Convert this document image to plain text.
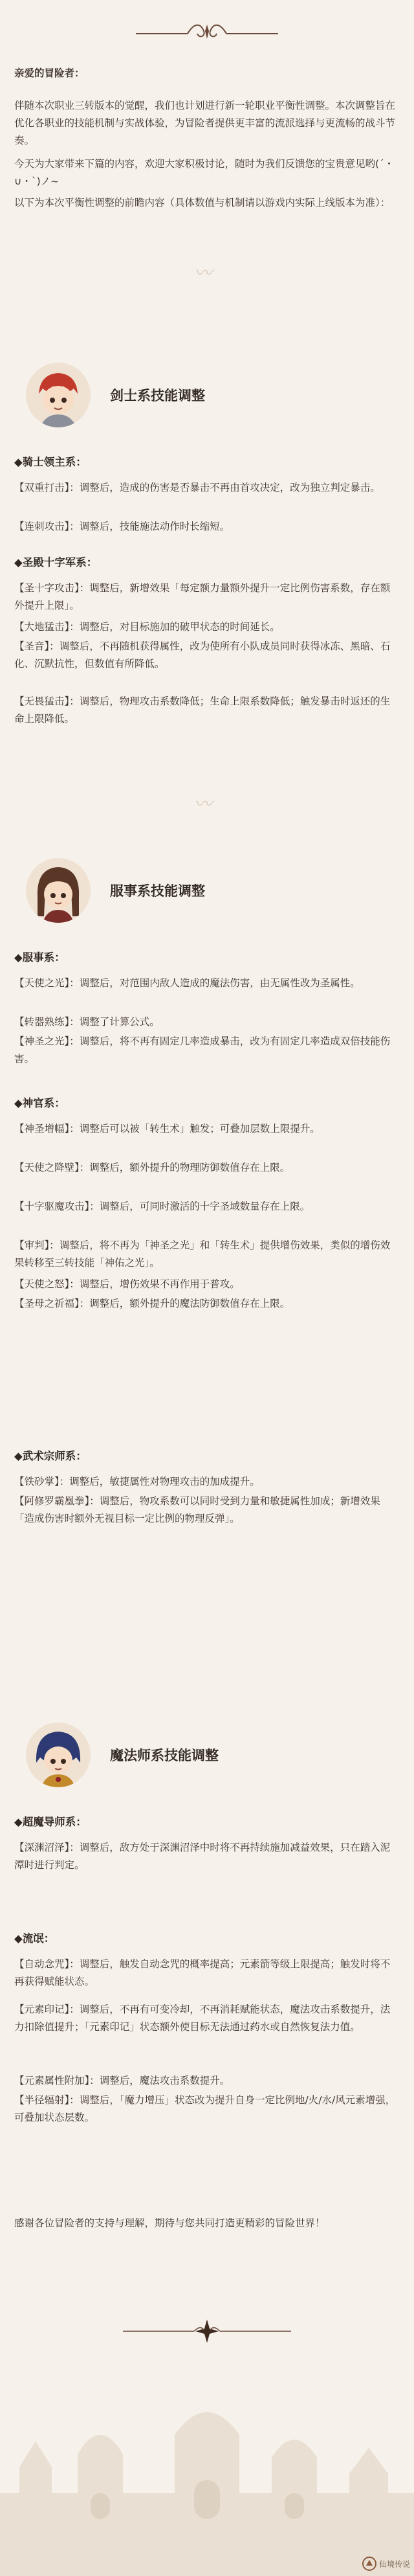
亲爱的冒险者：

伴随本次职业三转版本的觉醒，我们也计划进行新一轮职业平衡性调整。本次调整旨在优化各职业的技能机制与实战体验，为冒险者提供更丰富的流派选择与更流畅的战斗节奏。

今天为大家带来下篇的内容，欢迎大家积极讨论，随时为我们反馈您的宝贵意见哟(´・∪・`)ノ~

以下为本次平衡性调整的前瞻内容（具体数值与机制请以游戏内实际上线版本为准）：

〰
〰
剑士系技能调整
◆骑士领主系：
【双重打击】：调整后，造成的伤害是否暴击不再由首攻决定，改为独立判定暴击。
【连刺攻击】：调整后，技能施法动作时长缩短。
◆圣殿十字军系：
【圣十字攻击】：调整后，新增效果「每定额力量额外提升一定比例伤害系数，存在额外提升上限」。
【大地猛击】：调整后，对目标施加的破甲状态的时间延长。
【圣音】：调整后，不再随机获得属性，改为使所有小队成员同时获得冰冻、黑暗、石化、沉默抗性，但数值有所降低。
【无畏猛击】：调整后，物理攻击系数降低；生命上限系数降低；触发暴击时返还的生命上限降低。
服事系技能调整
◆服事系：
【天使之光】：调整后，对范围内敌人造成的魔法伤害，由无属性改为圣属性。
【转器熟练】：调整了计算公式。
【神圣之光】：调整后，将不再有固定几率造成暴击，改为有固定几率造成双倍技能伤害。
◆神官系：
【神圣增幅】：调整后可以被「转生术」触发；可叠加层数上限提升。
【天使之降壁】：调整后，额外提升的物理防御数值存在上限。
【十字驱魔攻击】：调整后，可同时激活的十字圣域数量存在上限。
【审判】：调整后，将不再为「神圣之光」和「转生术」提供增伤效果，类似的增伤效果转移至三转技能「神佑之光」。
【天使之怒】：调整后，增伤效果不再作用于普攻。
【圣母之祈福】：调整后，额外提升的魔法防御数值存在上限。
◆武术宗师系：
【铁砂掌】：调整后，敏捷属性对物理攻击的加成提升。
【阿修罗霸凰拳】：调整后，物攻系数可以同时受到力量和敏捷属性加成；新增效果「造成伤害时额外无视目标一定比例的物理反弹」。
魔法师系技能调整
◆超魔导师系：
【深渊沼泽】：调整后，敌方处于深渊沼泽中时将不再持续施加减益效果，只在踏入泥潭时进行判定。
◆流氓：
【自动念咒】：调整后，触发自动念咒的概率提高；元素箭等级上限提高；触发时将不再获得赋能状态。
【元素印记】：调整后，不再有可变冷却，不再消耗赋能状态，魔法攻击系数提升，法力扣除值提升；「元素印记」状态额外使目标无法通过药水或自然恢复法力值。
【元素属性附加】：调整后，魔法攻击系数提升。
【半径辐射】：调整后，「魔力增压」状态改为提升自身一定比例地/火/水/风元素增强，可叠加状态层数。

感谢各位冒险者的支持与理解，期待与您共同打造更精彩的冒险世界！

仙境传说
